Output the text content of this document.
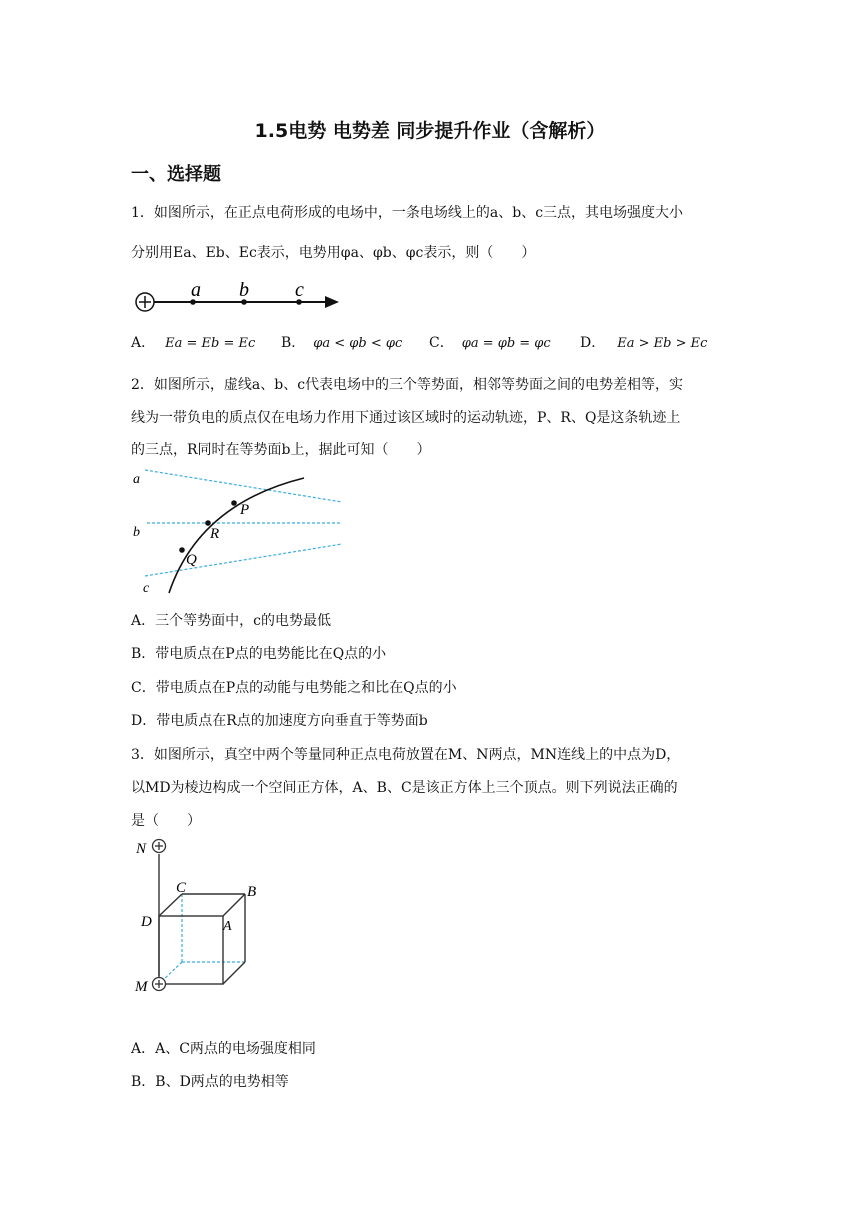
1.5电势 电势差 同步提升作业（含解析）
一、选择题
1．如图所示，在正点电荷形成的电场中，一条电场线上的a、b、c三点，其电场强度大小
分别用Ea、Eb、Ec表示，电势用φa、φb、φc表示，则（　　）
a b c
A． Ea = Eb = Ec B． φa < φb < φc C． φa = φb = φc D． Ea > Eb > Ec
2．如图所示，虚线a、b、c代表电场中的三个等势面，相邻等势面之间的电势差相等，实
线为一带负电的质点仅在电场力作用下通过该区域时的运动轨迹，P、R、Q是这条轨迹上
的三点，R同时在等势面b上，据此可知（　　）
a
b
c
P
R
Q
A．三个等势面中，c的电势最低
B．带电质点在P点的电势能比在Q点的小
C．带电质点在P点的动能与电势能之和比在Q点的小
D．带电质点在R点的加速度方向垂直于等势面b
3．如图所示，真空中两个等量同种正点电荷放置在M、N两点，MN连线上的中点为D，
以MD为棱边构成一个空间正方体，A、B、C是该正方体上三个顶点。则下列说法正确的
是（　　）
N
M
D
C	B
A
A．A、C两点的电场强度相同
B．B、D两点的电势相等
